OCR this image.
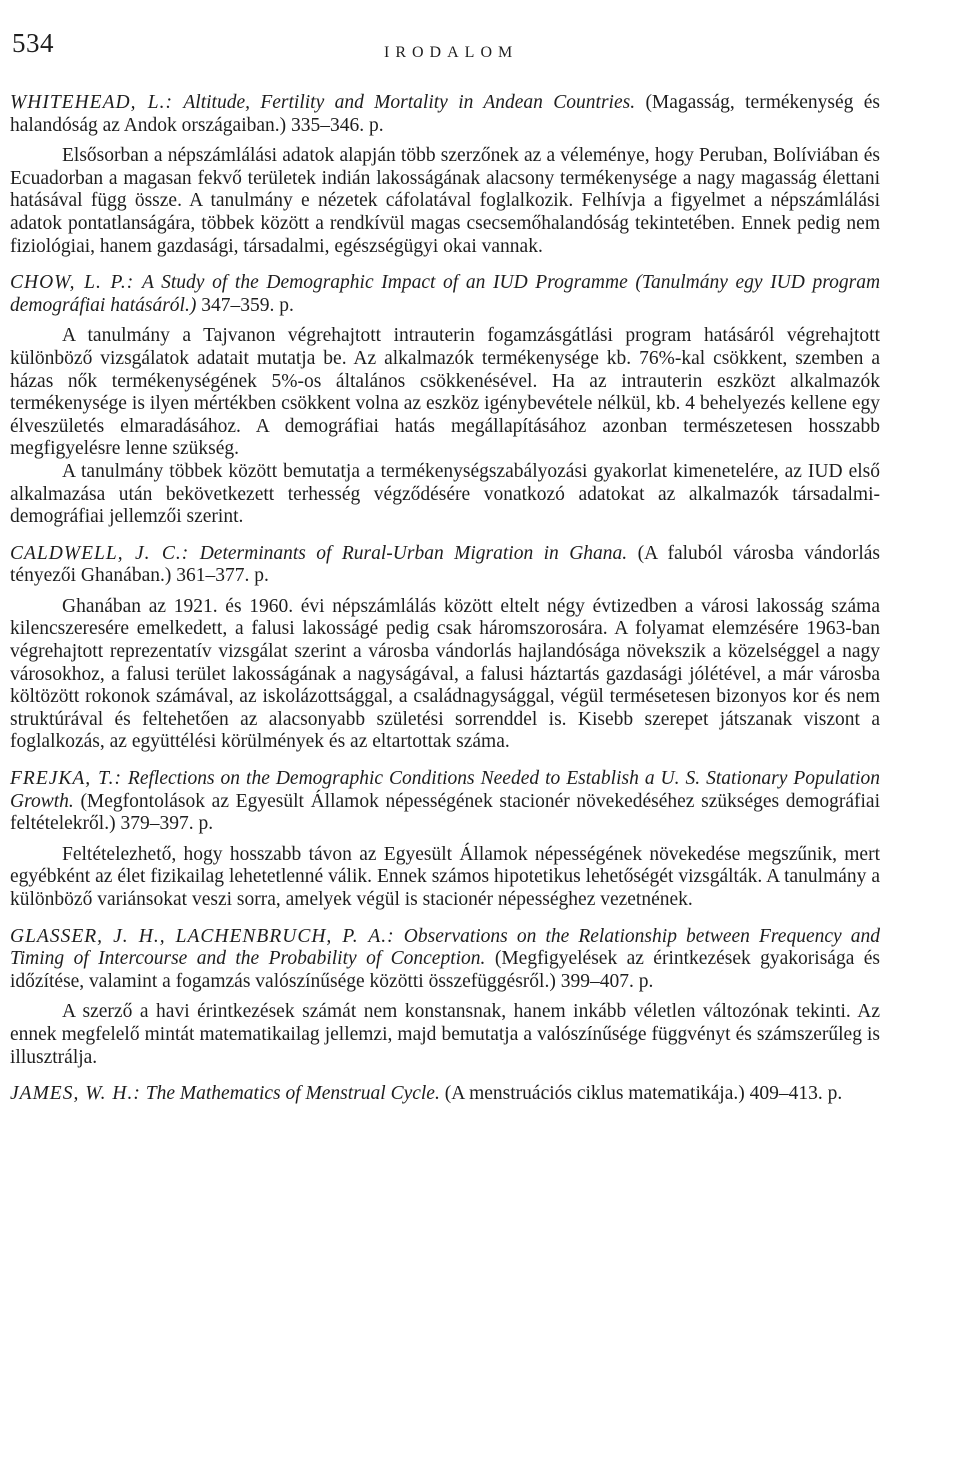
534	IRODALOM

WHITEHEAD, L.: Altitude, Fertility and Mortality in Andean Countries. (Magasság, termékenység és halandóság az Andok országaiban.) 335–346. p.

Elsősorban a népszámlálási adatok alapján több szerzőnek az a véleménye, hogy Peruban, Bolíviában és Ecuadorban a magasan fekvő területek indián lakosságának alacsony termékenysége a nagy magasság élettani hatásával függ össze. A tanulmány e nézetek cáfolatával foglalkozik. Felhívja a figyelmet a népszámlálási adatok pontatlanságára, többek között a rendkívül magas csecsemőhalandóság tekintetében. Ennek pedig nem fiziológiai, hanem gazdasági, társadalmi, egészségügyi okai vannak.

CHOW, L. P.: A Study of the Demographic Impact of an IUD Programme (Tanulmány egy IUD program demográfiai hatásáról.) 347–359. p.

A tanulmány a Tajvanon végrehajtott intrauterin fogamzásgátlási program hatásáról végrehajtott különböző vizsgálatok adatait mutatja be. Az alkalmazók termékenysége kb. 76%-kal csökkent, szemben a házas nők termékenységének 5%-os általános csökkenésével. Ha az intrauterin eszközt alkalmazók termékenysége is ilyen mértékben csökkent volna az eszköz igénybevétele nélkül, kb. 4 behelyezés kellene egy élveszületés elmaradásához. A demográfiai hatás megállapításához azonban természetesen hosszabb megfigyelésre lenne szükség.

A tanulmány többek között bemutatja a termékenységszabályozási gyakorlat kimenetelére, az IUD első alkalmazása után bekövetkezett terhesség végződésére vonatkozó adatokat az alkalmazók társadalmi-demográfiai jellemzői szerint.

CALDWELL, J. C.: Determinants of Rural-Urban Migration in Ghana. (A faluból városba vándorlás tényezői Ghanában.) 361–377. p.

Ghanában az 1921. és 1960. évi népszámlálás között eltelt négy évtizedben a városi lakosság száma kilencszeresére emelkedett, a falusi lakosságé pedig csak háromszorosára. A folyamat elemzésére 1963-ban végrehajtott reprezentatív vizsgálat szerint a városba vándorlás hajlandósága növekszik a közelséggel a nagy városokhoz, a falusi terület lakosságának a nagyságával, a falusi háztartás gazdasági jólétével, a már városba költözött rokonok számával, az iskolázottsággal, a családnagysággal, végül termésetesen bizonyos kor és nem struktúrával és feltehetően az alacsonyabb születési sorrenddel is. Kisebb szerepet játszanak viszont a foglalkozás, az együttélési körülmények és az eltartottak száma.

FREJKA, T.: Reflections on the Demographic Conditions Needed to Establish a U. S. Stationary Population Growth. (Megfontolások az Egyesült Államok népességének stacionér növekedéséhez szükséges demográfiai feltételekről.) 379–397. p.

Feltételezhető, hogy hosszabb távon az Egyesült Államok népességének növekedése megszűnik, mert egyébként az élet fizikailag lehetetlenné válik. Ennek számos hipotetikus lehetőségét vizsgálták. A tanulmány a különböző variánsokat veszi sorra, amelyek végül is stacionér népességhez vezetnének.

GLASSER, J. H., LACHENBRUCH, P. A.: Observations on the Relationship between Frequency and Timing of Intercourse and the Probability of Conception. (Megfigyelések az érintkezések gyakorisága és időzítése, valamint a fogamzás valószínűsége közötti összefüggésről.) 399–407. p.

A szerző a havi érintkezések számát nem konstansnak, hanem inkább véletlen változónak tekinti. Az ennek megfelelő mintát matematikailag jellemzi, majd bemutatja a valószínűsége függvényt és számszerűleg is illusztrálja.

JAMES, W. H.: The Mathematics of Menstrual Cycle. (A menstruációs ciklus matematikája.) 409–413. p.
